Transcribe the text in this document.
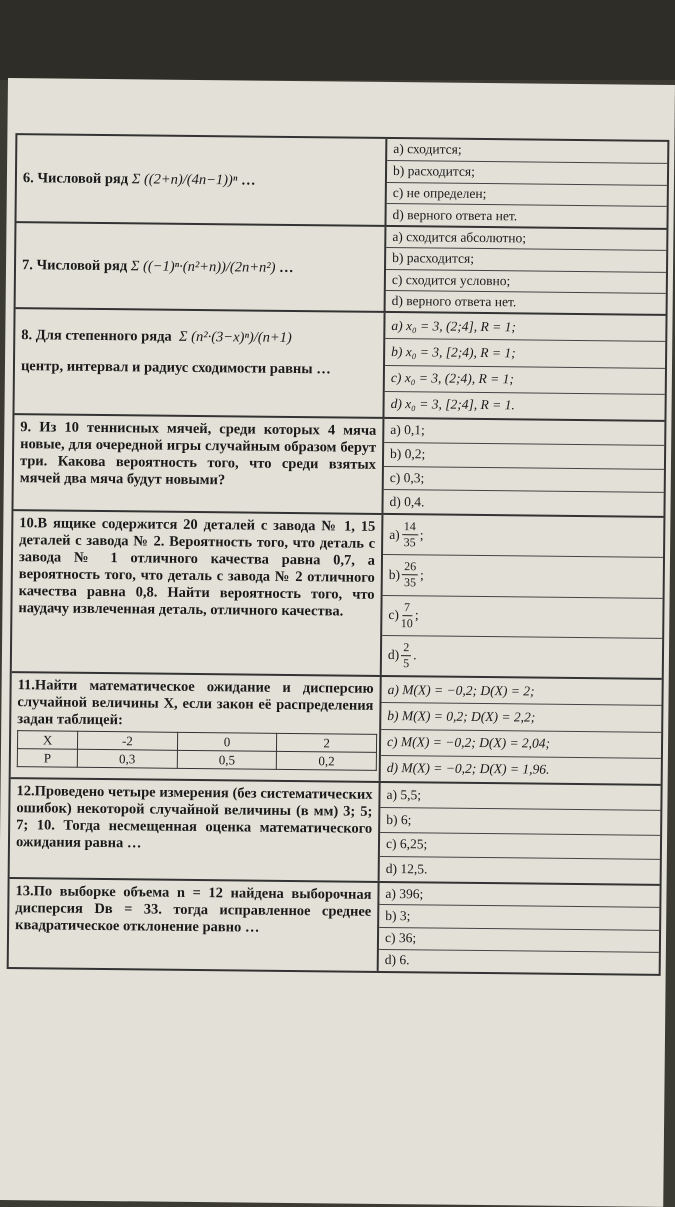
6. Числовой ряд
Σ ((2+n)/(4n−1))ⁿ
…
a) сходится;
b) расходится;
c) не определен;
d) верного ответа нет.
7. Числовой ряд
Σ ((−1)ⁿ·(n²+n))/(2n+n²)
…
a) сходится абсолютно;
b) расходится;
c) сходится условно;
d) верного ответа нет.
8. Для степенного ряда Σ (n²·(3−x)ⁿ)/(n+1)
центр, интервал и радиус сходимости равны …
a) x₀ = 3, (2;4], R = 1;
b) x₀ = 3, [2;4), R = 1;
c) x₀ = 3, (2;4), R = 1;
d) x₀ = 3, [2;4], R = 1.
9. Из 10 теннисных мячей, среди которых 4 мяча новые, для очередной игры случайным образом берут три. Какова вероятность того, что среди взятых мячей два мяча будут новыми?
a) 0,1;
b) 0,2;
c) 0,3;
d) 0,4.
10.В ящике содержится 20 деталей с завода № 1, 15 деталей с завода № 2. Вероятность того, что деталь с завода № 1 отличного качества равна 0,7, а вероятность того, что деталь с завода № 2 отличного качества равна 0,8. Найти вероятность того, что наудачу извлеченная деталь, отличного качества.
$a) \frac{14}{35}$ ;
$b) \frac{26}{35}$ ;
$c) \frac{7}{10}$ ;
$d) \frac{2}{5}$ .
11.Найти математическое ожидание и дисперсию случайной величины X, если закон её распределения задан таблицей:
X	-2	0	2
P	0,3	0,5	0,2
a) M(X) = −0,2; D(X) = 2;
b) M(X) = 0,2; D(X) = 2,2;
c) M(X) = −0,2; D(X) = 2,04;
d) M(X) = −0,2; D(X) = 1,96.
12.Проведено четыре измерения (без систематических ошибок) некоторой случайной величины (в мм) 3; 5; 7; 10. Тогда несмещенная оценка математического ожидания равна …
a) 5,5;
b) 6;
c) 6,25;
d) 12,5.
13.По выборке объема n = 12 найдена выборочная дисперсия Dв = 33. тогда исправленное среднее квадратическое отклонение равно …
a) 396;
b) 3;
c) 36;
d) 6.
